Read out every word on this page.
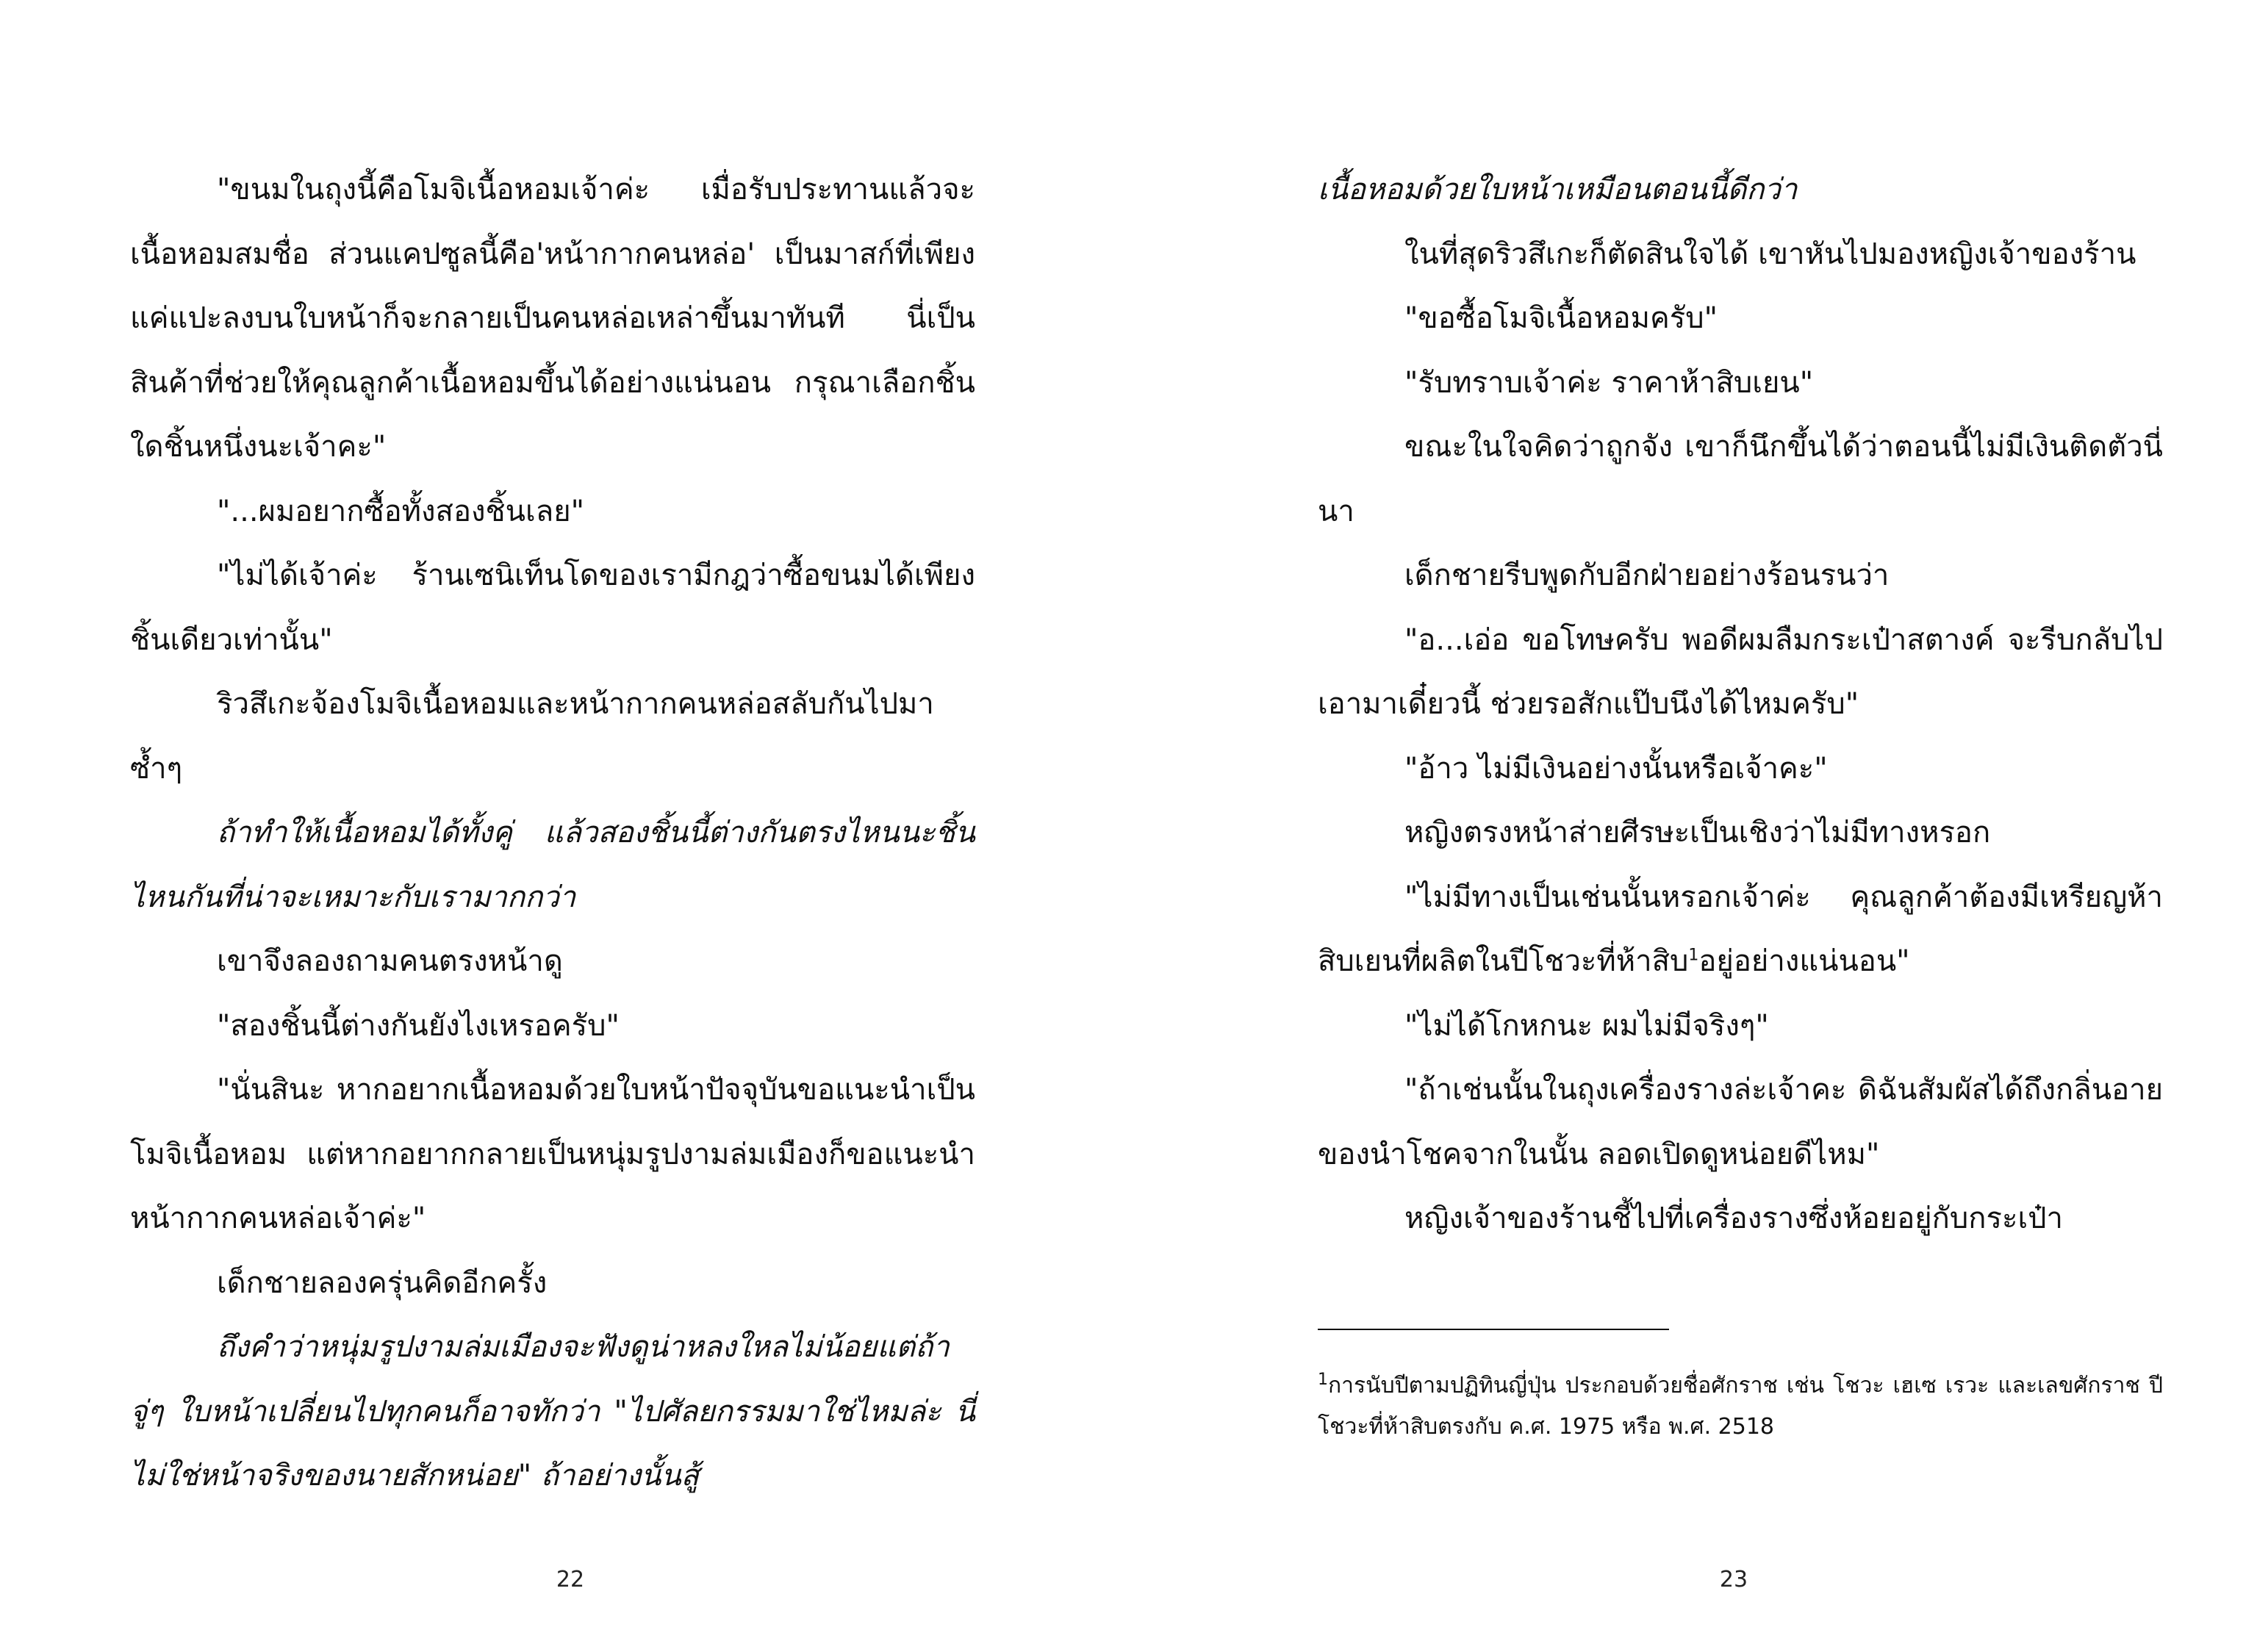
"ขนมในถุงนี้คือโมจิเนื้อหอมเจ้าค่ะ เมื่อรับประทานแล้วจะเนื้อหอมสมชื่อ ส่วนแคปซูลนี้คือ'หน้ากากคนหล่อ' เป็นมาสก์ที่เพียงแค่แปะลงบนใบหน้าก็จะกลายเป็นคนหล่อเหล่าขึ้นมาทันที นี่เป็นสินค้าที่ช่วยให้คุณลูกค้าเนื้อหอมขึ้นได้อย่างแน่นอน กรุณาเลือกชิ้นใดชิ้นหนึ่งนะเจ้าคะ"

"...ผมอยากซื้อทั้งสองชิ้นเลย"

"ไม่ได้เจ้าค่ะ ร้านเซนิเท็นโดของเรามีกฎว่าซื้อขนมได้เพียงชิ้นเดียวเท่านั้น"

ริวสึเกะจ้องโมจิเนื้อหอมและหน้ากากคนหล่อสลับกันไปมาซ้ำๆ

ถ้าทำให้เนื้อหอมได้ทั้งคู่ แล้วสองชิ้นนี้ต่างกันตรงไหนนะชิ้นไหนกันที่น่าจะเหมาะกับเรามากกว่า

เขาจึงลองถามคนตรงหน้าดู

"สองชิ้นนี้ต่างกันยังไงเหรอครับ"

"นั่นสินะ หากอยากเนื้อหอมด้วยใบหน้าปัจจุบันขอแนะนำเป็นโมจิเนื้อหอม แต่หากอยากกลายเป็นหนุ่มรูปงามล่มเมืองก็ขอแนะนำหน้ากากคนหล่อเจ้าค่ะ"

เด็กชายลองครุ่นคิดอีกครั้ง

ถึงคำว่าหนุ่มรูปงามล่มเมืองจะฟังดูน่าหลงใหลไม่น้อยแต่ถ้าจู่ๆ ใบหน้าเปลี่ยนไปทุกคนก็อาจทักว่า "ไปศัลยกรรมมาใช่ไหมล่ะ นี่ไม่ใช่หน้าจริงของนายสักหน่อย" ถ้าอย่างนั้นสู้

22

เนื้อหอมด้วยใบหน้าเหมือนตอนนี้ดีกว่า

ในที่สุดริวสึเกะก็ตัดสินใจได้ เขาหันไปมองหญิงเจ้าของร้าน

"ขอซื้อโมจิเนื้อหอมครับ"

"รับทราบเจ้าค่ะ ราคาห้าสิบเยน"

ขณะในใจคิดว่าถูกจัง เขาก็นึกขึ้นได้ว่าตอนนี้ไม่มีเงินติดตัวนี่นา

เด็กชายรีบพูดกับอีกฝ่ายอย่างร้อนรนว่า

"อ...เอ่อ ขอโทษครับ พอดีผมลืมกระเป๋าสตางค์ จะรีบกลับไปเอามาเดี๋ยวนี้ ช่วยรอสักแป๊บนึงได้ไหมครับ"

"อ้าว ไม่มีเงินอย่างนั้นหรือเจ้าคะ"

หญิงตรงหน้าส่ายศีรษะเป็นเชิงว่าไม่มีทางหรอก

"ไม่มีทางเป็นเช่นนั้นหรอกเจ้าค่ะ คุณลูกค้าต้องมีเหรียญห้าสิบเยนที่ผลิตในปีโชวะที่ห้าสิบ$^1$อยู่อย่างแน่นอน"

"ไม่ได้โกหกนะ ผมไม่มีจริงๆ"

"ถ้าเช่นนั้นในถุงเครื่องรางล่ะเจ้าคะ ดิฉันสัมผัสได้ถึงกลิ่นอายของนำโชคจากในนั้น ลอดเปิดดูหน่อยดีไหม"

หญิงเจ้าของร้านชี้ไปที่เครื่องรางซึ่งห้อยอยู่กับกระเป๋า

$^1$การนับปีตามปฏิทินญี่ปุ่น ประกอบด้วยชื่อศักราช เช่น โชวะ เฮเซ เรวะ และเลขศักราช ปีโชวะที่ห้าสิบตรงกับ ค.ศ. 1975 หรือ พ.ศ. 2518
23
